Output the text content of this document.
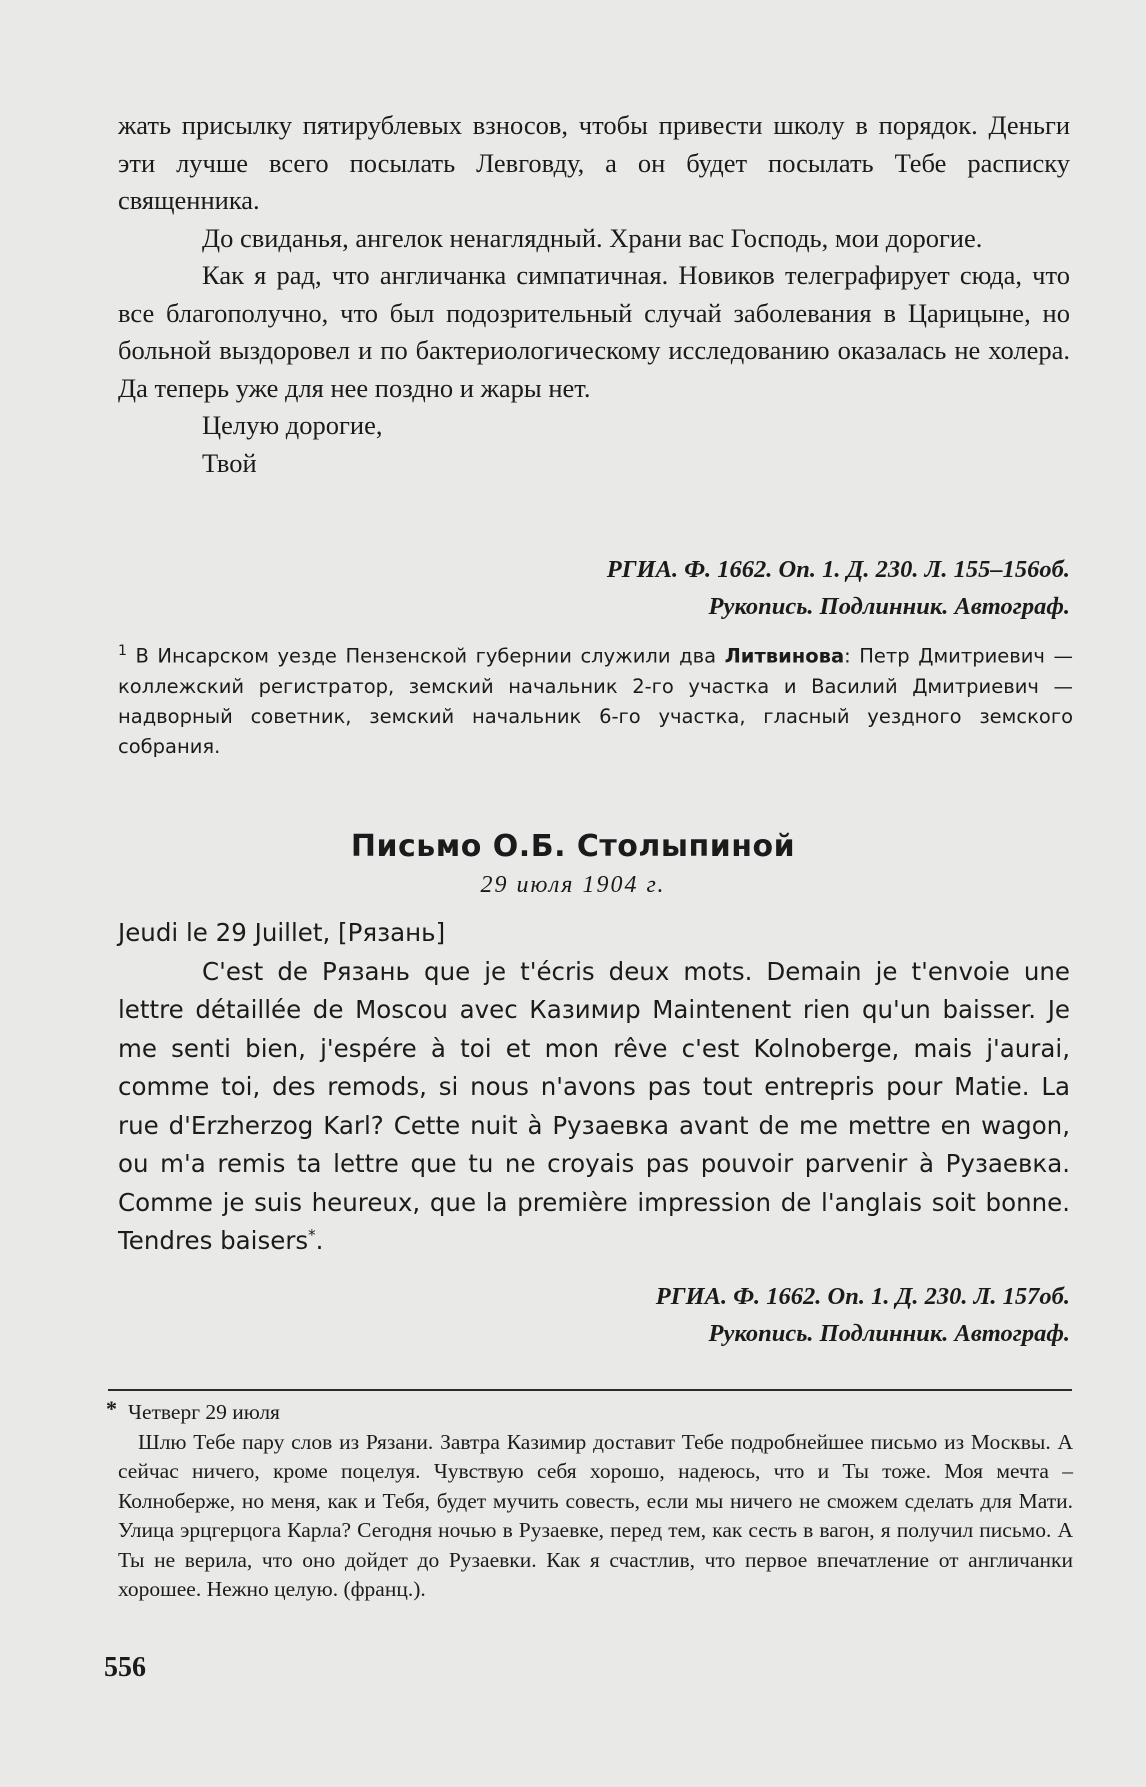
жать присылку пятирублевых взносов, чтобы привести школу в порядок. Деньги эти лучше всего посылать Левговду, а он будет посылать Тебе расписку священника.

До свиданья, ангелок ненаглядный. Храни вас Господь, мои дорогие.

Как я рад, что англичанка симпатичная. Новиков телеграфирует сюда, что все благополучно, что был подозрительный случай заболевания в Царицыне, но больной выздоровел и по бактериологическому исследованию оказалась не холера. Да теперь уже для нее поздно и жары нет.

Целую дорогие,

Твой

РГИА. Ф. 1662. Оп. 1. Д. 230. Л. 155–156об.
Рукопись. Подлинник. Автограф.
$^1$ В Инсарском уезде Пензенской губернии служили два Литвинова: Петр Дмитриевич — коллежский регистратор, земский начальник 2-го участка и Василий Дмитриевич — надворный советник, земский начальник 6-го участка, гласный уездного земского собрания.
Письмо О.Б. Столыпиной
29 июля 1904 г.

Jeudi le 29 Juillet, [Рязань]

C'est de Рязань que je t'écris deux mots. Demain je t'envoie une lettre détaillée de Moscou avec Казимир Maintenent rien qu'un baisser. Je me senti bien, j'espére à toi et mon rêve c'est Kolnoberge, mais j'aurai, comme toi, des remods, si nous n'avons pas tout entrepris pour Matie. La rue d'Erzherzog Karl? Cette nuit à Рузаевка avant de me mettre en wagon, ou m'a remis ta lettre que tu ne croyais pas pouvoir parvenir à Рузаевка. Comme je suis heureux, que la première impression de l'anglais soit bonne. Tendres baisers*.

РГИА. Ф. 1662. Оп. 1. Д. 230. Л. 157об.
Рукопись. Подлинник. Автограф.
* Четверг 29 июля

Шлю Тебе пару слов из Рязани. Завтра Казимир доставит Тебе подробнейшее письмо из Москвы. А сейчас ничего, кроме поцелуя. Чувствую себя хорошо, надеюсь, что и Ты тоже. Моя мечта – Колноберже, но меня, как и Тебя, будет мучить совесть, если мы ничего не сможем сделать для Мати. Улица эрцгерцога Карла? Сегодня ночью в Рузаевке, перед тем, как сесть в вагон, я получил письмо. А Ты не верила, что оно дойдет до Рузаевки. Как я счастлив, что первое впечатление от англичанки хорошее. Нежно целую. (франц.).

556
